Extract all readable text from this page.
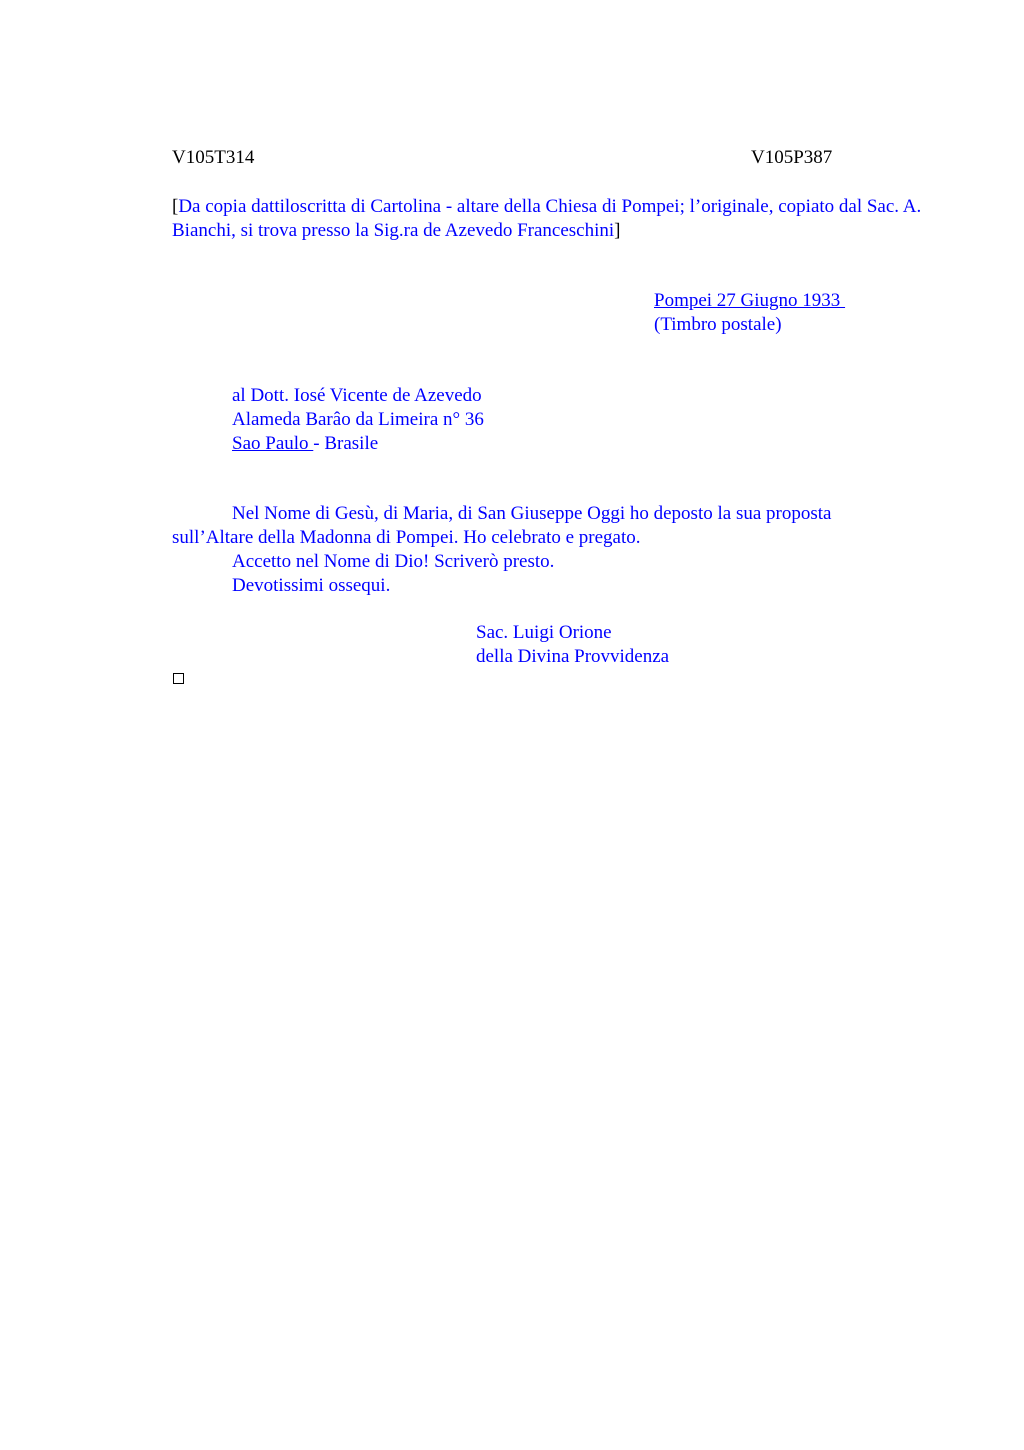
V105T314	V105P387
[Da copia dattiloscritta di Cartolina - altare della Chiesa di Pompei; l’originale, copiato dal Sac. A. Bianchi, si trova presso la Sig.ra de Azevedo Franceschini]
Pompei 27 Giugno 1933
(Timbro postale)
al Dott. Iosé Vicente de Azevedo
Alameda Barâo da Limeira n° 36
Sao Paulo - Brasile

Nel Nome di Gesù, di Maria, di San Giuseppe Oggi ho deposto la sua proposta sull’Altare della Madonna di Pompei. Ho celebrato e pregato.

Accetto nel Nome di Dio! Scriverò presto.

Devotissimi ossequi.

Sac. Luigi Orione
della Divina Provvidenza
